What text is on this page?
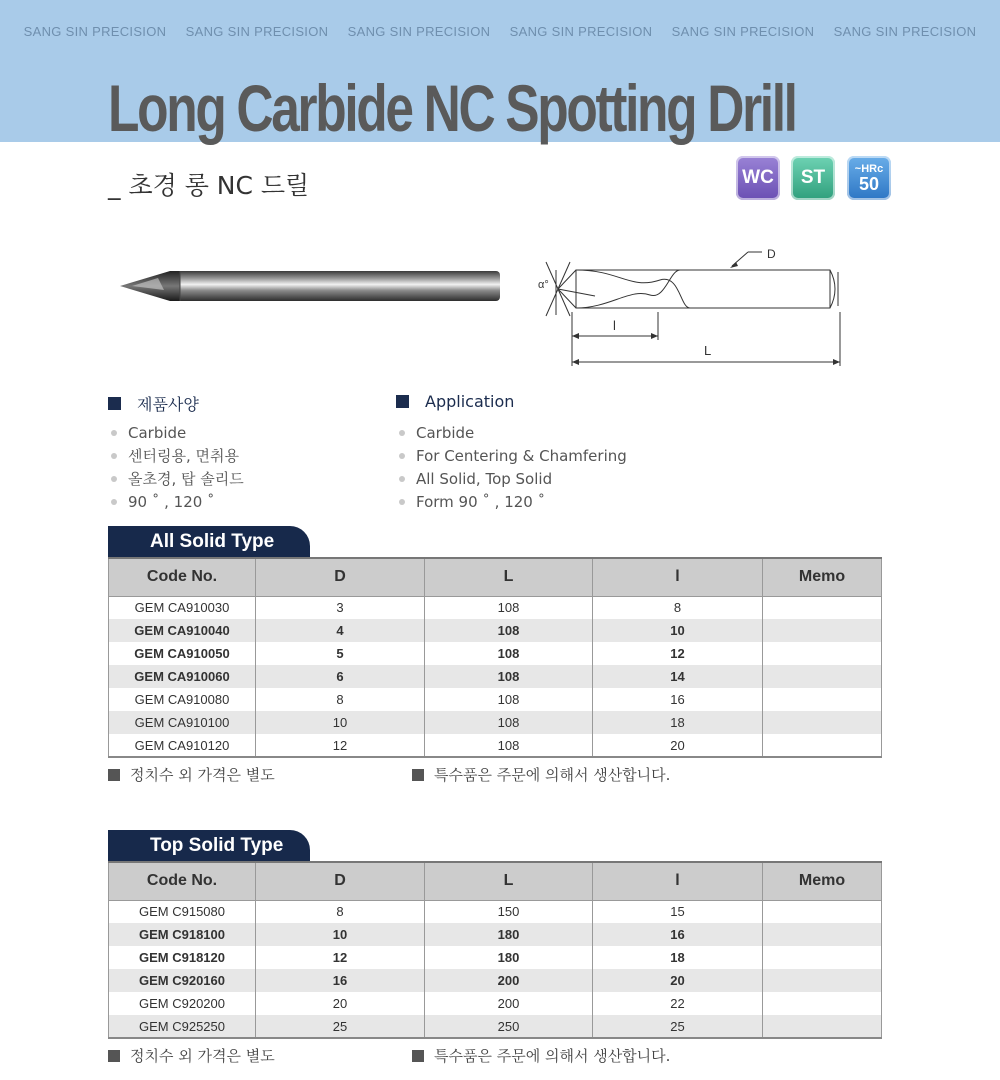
SANG SIN PRECISION SANG SIN PRECISION SANG SIN PRECISION SANG SIN PRECISION SANG SIN PRECISION SANG SIN PRECISION
Long Carbide NC Spotting Drill
_ 초경 롱 NC 드릴	WC ST	~HRc
50
D
α°
l
L
제품사양
Carbide
센터링용, 면취용
올초경, 탑 솔리드
90 ˚ , 120 ˚
Application
Carbide
For Centering & Chamfering
All Solid, Top Solid
Form 90 ˚ , 120 ˚
All Solid Type
Code No.	D	L	l	Memo
GEM CA910030	3	108	8	
GEM CA910040	4	108	10	
GEM CA910050	5	108	12	
GEM CA910060	6	108	14	
GEM CA910080	8	108	16	
GEM CA910100	10	108	18	
GEM CA910120	12	108	20	
정치수 외 가격은 별도	특수품은 주문에 의해서 생산합니다.
Top Solid Type
Code No.	D	L	l	Memo
GEM C915080	8	150	15	
GEM C918100	10	180	16	
GEM C918120	12	180	18	
GEM C920160	16	200	20	
GEM C920200	20	200	22	
GEM C925250	25	250	25	
정치수 외 가격은 별도	특수품은 주문에 의해서 생산합니다.
